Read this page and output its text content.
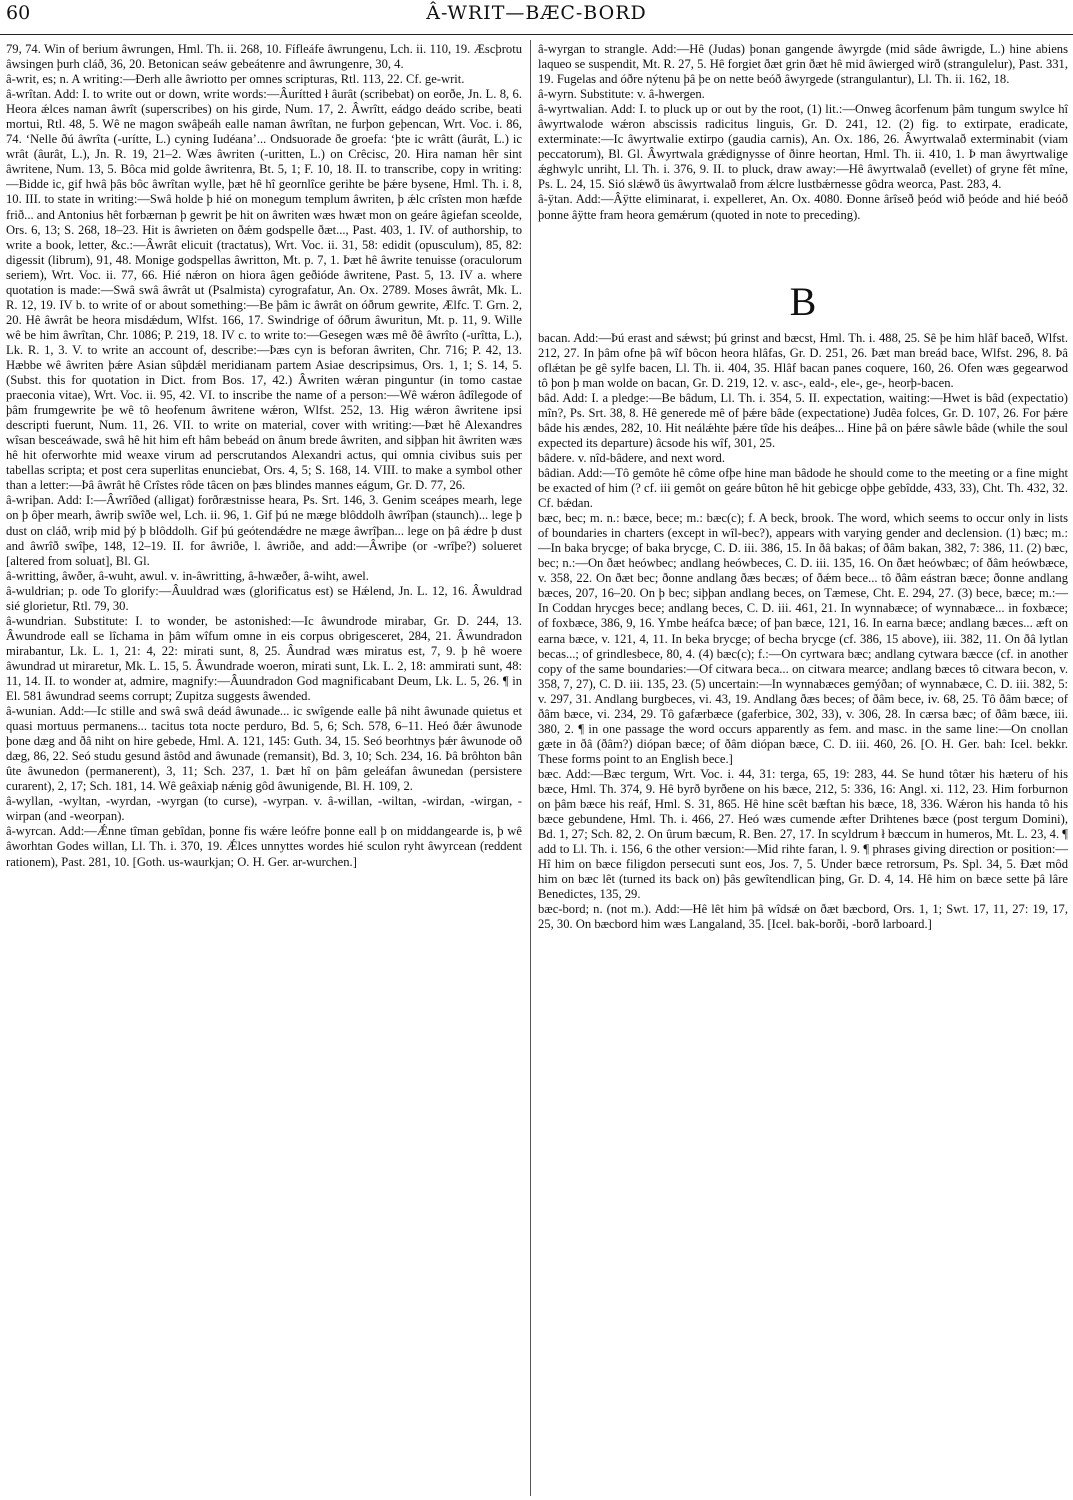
60	Â-WRIT—BÆC-BORD

79, 74. Win of berium âwrungen, Hml. Th. ii. 268, 10. Fífleáfe âwrungenu, Lch. ii. 110, 19. Æscþrotu âwsingen þurh cláð, 36, 20. Betonican seáw gebeátenre and âwrungenre, 30, 4.

â-writ, es; n. A writing:—Ðerh alle âwriotto per omnes scripturas, Rtl. 113, 22. Cf. ge-writ.

â-wrîtan. Add: I. to write out or down, write words:—Âurítted ł âurât (scribebat) on eorðe, Jn. L. 8, 6. Heora ǽlces naman âwrît (superscribes) on his girde, Num. 17, 2. Âwrîtt, eádgo deádo scribe, beati mortui, Rtl. 48, 5. Wê ne magon swâþeáh ealle naman âwrîtan, ne furþon geþencan, Wrt. Voc. i. 86, 74. ‘Nelle ðú âwrîta (-urítte, L.) cyning Iudéana’... Ondsuorade ðe groefa: ‘þte ic wrâtt (âurât, L.) ic wrât (âurât, L.), Jn. R. 19, 21–2. Wæs âwriten (-uritten, L.) on Crêcisc, 20. Hira naman hêr sint âwritene, Num. 13, 5. Bôca mid golde âwritenra, Bt. 5, 1; F. 10, 18. II. to transcribe, copy in writing:—Bidde ic, gif hwâ þâs bôc âwrîtan wylle, þæt hê hî geornlîce gerihte be þǽre bysene, Hml. Th. i. 8, 10. III. to state in writing:—Swâ holde þ hié on monegum templum âwriten, þ ǽlc crîsten mon hæfde frið... and Antonius hêt forbærnan þ gewrit þe hit on âwriten wæs hwæt mon on geáre âgiefan sceolde, Ors. 6, 13; S. 268, 18–23. Hit is âwrieten on ðǽm godspelle ðæt..., Past. 403, 1. IV. of authorship, to write a book, letter, &c.:—Âwrât elicuit (tractatus), Wrt. Voc. ii. 31, 58: edidit (opusculum), 85, 82: digessit (librum), 91, 48. Monige godspellas âwritton, Mt. p. 7, 1. Þæt hê âwrite tenuisse (oraculorum seriem), Wrt. Voc. ii. 77, 66. Hié nǽron on hiora âgen geðióde âwritene, Past. 5, 13. IV a. where quotation is made:—Swâ swâ âwrât ut (Psalmista) cyrografatur, An. Ox. 2789. Moses âwrât, Mk. L. R. 12, 19. IV b. to write of or about something:—Be þâm ic âwrât on óðrum gewrite, Ælfc. T. Grn. 2, 20. Hê âwrât be heora misdǽdum, Wlfst. 166, 17. Swindrige of óðrum âwuritun, Mt. p. 11, 9. Wille wê be him âwrîtan, Chr. 1086; P. 219, 18. IV c. to write to:—Gesegen wæs mê ðê âwrîto (-urîtta, L.), Lk. R. 1, 3. V. to write an account of, describe:—Þæs cyn is beforan âwriten, Chr. 716; P. 42, 13. Hæbbe wê âwriten þǽre Asian sûþdǽl meridianam partem Asiae descripsimus, Ors. 1, 1; S. 14, 5. (Subst. this for quotation in Dict. from Bos. 17, 42.) Âwriten wǽran pinguntur (in tomo castae praeconia vitae), Wrt. Voc. ii. 95, 42. VI. to inscribe the name of a person:—Wê wǽron âdîlegode of þâm frumgewrite þe wê tô heofenum âwritene wǽron, Wlfst. 252, 13. Hig wǽron âwritene ipsi descripti fuerunt, Num. 11, 26. VII. to write on material, cover with writing:—Þæt hê Alexandres wîsan besceáwade, swâ hê hit him eft hâm bebeád on ânum brede âwriten, and siþþan hit âwriten wæs hê hit oferworhte mid weaxe virum ad perscrutandos Alexandri actus, qui omnia civibus suis per tabellas scripta; et post cera superlitas enunciebat, Ors. 4, 5; S. 168, 14. VIII. to make a symbol other than a letter:—Þâ âwrât hê Crîstes rôde tâcen on þæs blindes mannes eágum, Gr. D. 77, 26.

â-wriþan. Add: I:—Âwrîðed (alligat) forðræstnisse heara, Ps. Srt. 146, 3. Genim sceápes mearh, lege on þ ôþer mearh, âwriþ swîðe wel, Lch. ii. 96, 1. Gif þú ne mæge blôddolh âwrîþan (staunch)... lege þ dust on cláð, wriþ mid þý þ blôddolh. Gif þú geótendǽdre ne mæge âwrîþan... lege on þâ ǽdre þ dust and âwrîð swîþe, 148, 12–19. II. for âwriðe, l. âwriðe, and add:—Âwriþe (or -wrîþe?) solueret [altered from soluat], Bl. Gl.

â-writting, âwðer, â-wuht, awul. v. in-âwritting, â-hwæðer, â-wiht, awel.

â-wuldrian; p. ode To glorify:—Âuuldrad wæs (glorificatus est) se Hǽlend, Jn. L. 12, 16. Âwuldrad sié glorietur, Rtl. 79, 30.

â-wundrian. Substitute: I. to wonder, be astonished:—Ic âwundrode mirabar, Gr. D. 244, 13. Âwundrode eall se lîchama in þâm wîfum omne in eis corpus obrigesceret, 284, 21. Âwundradon mirabantur, Lk. L. 1, 21: 4, 22: mirati sunt, 8, 25. Âundrad wæs miratus est, 7, 9. þ hê woere âwundrad ut miraretur, Mk. L. 15, 5. Âwundrade woeron, mirati sunt, Lk. L. 2, 18: ammirati sunt, 48: 11, 14. II. to wonder at, admire, magnify:—Âuundradon God magnificabant Deum, Lk. L. 5, 26. ¶ in El. 581 âwundrad seems corrupt; Zupitza suggests âwended.

â-wunian. Add:—Ic stille and swâ swâ deád âwunade... ic swîgende ealle þâ niht âwunade quietus et quasi mortuus permanens... tacitus tota nocte perduro, Bd. 5, 6; Sch. 578, 6–11. Heó ðǽr âwunode þone dæg and ðâ niht on hire gebede, Hml. A. 121, 145: Guth. 34, 15. Seó beorhtnys þǽr âwunode oð dæg, 86, 22. Seó studu gesund âstôd and âwunade (remansit), Bd. 3, 10; Sch. 234, 16. Þâ brôhton bân ûte âwunedon (permanerent), 3, 11; Sch. 237, 1. Þæt hî on þâm geleáfan âwunedan (persistere curarent), 2, 17; Sch. 181, 14. Wê geâxiaþ nǽnig gôd âwunigende, Bl. H. 109, 2.

â-wyllan, -wyltan, -wyrdan, -wyrgan (to curse), -wyrpan. v. â-willan, -wiltan, -wirdan, -wirgan, -wirpan (and -weorpan).

â-wyrcan. Add:—Ǽnne tîman gebîdan, þonne fis wǽre leófre þonne eall þ on middangearde is, þ wê âworhtan Godes willan, Ll. Th. i. 370, 19. Ǽlces unnyttes wordes hié sculon ryht âwyrcean (reddent rationem), Past. 281, 10. [Goth. us-waurkjan; O. H. Ger. ar-wurchen.]

â-wyrgan to strangle. Add:—Hê (Judas) þonan gangende âwyrgde (mid sâde âwrigde, L.) hine abiens laqueo se suspendit, Mt. R. 27, 5. Hê forgiet ðæt grin ðæt hê mid âwierged wirð (strangulelur), Past. 331, 19. Fugelas and óðre nýtenu þâ þe on nette beóð âwyrgede (strangulantur), Ll. Th. ii. 162, 18.

â-wyrn. Substitute: v. â-hwergen.

â-wyrtwalian. Add: I. to pluck up or out by the root, (1) lit.:—Onweg âcorfenum þâm tungum swylce hî âwyrtwalode wǽron abscissis radicitus linguis, Gr. D. 241, 12. (2) fig. to extirpate, eradicate, exterminate:—Ic âwyrtwalie extirpo (gaudia carnis), An. Ox. 186, 26. Âwyrtwalað exterminabit (viam peccatorum), Bl. Gl. Âwyrtwala grǽdignysse of ðinre heortan, Hml. Th. ii. 410, 1. Þ man âwyrtwalige ǽghwylc unriht, Ll. Th. i. 376, 9. II. to pluck, draw away:—Hê âwyrtwalað (evellet) of gryne fêt mîne, Ps. L. 24, 15. Sió slǽwð üs âwyrtwalað from ǽlcre lustbǽrnesse gôdra weorca, Past. 283, 4.

â-ÿtan. Add:—Âÿtte eliminarat, i. expelleret, An. Ox. 4080. Ðonne ârîseð þeód wið þeóde and hié beóð þonne âÿtte fram heora gemǽrum (quoted in note to preceding).

B

bacan. Add:—Þú erast and sǽwst; þú grinst and bæcst, Hml. Th. i. 488, 25. Sê þe him hlâf baceð, Wlfst. 212, 27. In þâm ofne þâ wîf bôcon heora hlâfas, Gr. D. 251, 26. Þæt man breád bace, Wlfst. 296, 8. Þâ oflǽtan þe gê sylfe bacen, Ll. Th. ii. 404, 35. Hlâf bacan panes coquere, 160, 26. Ofen wæs gegearwod tô þon þ man wolde on bacan, Gr. D. 219, 12. v. asc-, eald-, ele-, ge-, heorþ-bacen.

bâd. Add: I. a pledge:—Be bâdum, Ll. Th. i. 354, 5. II. expectation, waiting:—Hwet is bâd (expectatio) mîn?, Ps. Srt. 38, 8. Hê generede mê of þǽre bâde (expectatione) Judêa folces, Gr. D. 107, 26. For þǽre bâde his ændes, 282, 10. Hit neálǽhte þǽre tîde his deáþes... Hine þâ on þǽre sâwle bâde (while the soul expected its departure) âcsode his wîf, 301, 25.

bâdere. v. nîd-bâdere, and next word.

bâdian. Add:—Tô gemôte hê côme ofþe hine man bâdode he should come to the meeting or a fine might be exacted of him (? cf. iii gemôt on geáre bûton hê hit gebicge oþþe gebîdde, 433, 33), Cht. Th. 432, 32. Cf. bǽdan.

bæc, bec; m. n.: bæce, bece; m.: bæc(c); f. A beck, brook. The word, which seems to occur only in lists of boundaries in charters (except in wîl-bec?), appears with varying gender and declension. (1) bæc; m.:—In baka brycge; of baka brycge, C. D. iii. 386, 15. In ðâ bakas; of ðâm bakan, 382, 7: 386, 11. (2) bæc, bec; n.:—On ðæt heówbec; andlang heówbeces, C. D. iii. 135, 16. On ðæt heówbæc; of ðâm heówbæce, v. 358, 22. On ðæt bec; ðonne andlang ðæs becæs; of ðǽm bece... tô ðâm eástran bæce; ðonne andlang bæces, 207, 16–20. On þ bec; siþþan andlang beces, on Tæmese, Cht. E. 294, 27. (3) bece, bæce; m.:—In Coddan hrycges bece; andlang beces, C. D. iii. 461, 21. In wynnabæce; of wynnabæce... in foxbæce; of foxbæce, 386, 9, 16. Ymbe heáfca bæce; of þan bæce, 121, 16. In earna bæce; andlang bæces... æft on earna bæce, v. 121, 4, 11. In beka brycge; of becha brycge (cf. 386, 15 above), iii. 382, 11. On ðâ lytlan becas...; of grindlesbece, 80, 4. (4) bæc(c); f.:—On cyrtwara bæc; andlang cytwara bæcce (cf. in another copy of the same boundaries:—Of citwara beca... on citwara mearce; andlang bæces tô citwara becon, v. 358, 7, 27), C. D. iii. 135, 23. (5) uncertain:—In wynnabæces gemýðan; of wynnabæce, C. D. iii. 382, 5: v. 297, 31. Andlang burgbeces, vi. 43, 19. Andlang ðæs beces; of ðâm bece, iv. 68, 25. Tô ðâm bæce; of ðâm bæce, vi. 234, 29. Tô gafærbæce (gaferbice, 302, 33), v. 306, 28. In cærsa bæc; of ðâm bæce, iii. 380, 2. ¶ in one passage the word occurs apparently as fem. and masc. in the same line:—On cnollan gæte in ðâ (ðâm?) diópan bæce; of ðâm diópan bæce, C. D. iii. 460, 26. [O. H. Ger. bah: Icel. bekkr. These forms point to an English bece.]

bæc. Add:—Bæc tergum, Wrt. Voc. i. 44, 31: terga, 65, 19: 283, 44. Se hund tôtær his hæteru of his bæce, Hml. Th. 374, 9. Hê byrð byrðene on his bæce, 212, 5: 336, 16: Angl. xi. 112, 23. Him forburnon on þâm bæce his reáf, Hml. S. 31, 865. Hê hine scêt bæftan his bæce, 18, 336. Wǽron his handa tô his bæce gebundene, Hml. Th. i. 466, 27. Heó wæs cumende æfter Drihtenes bæce (post tergum Domini), Bd. 1, 27; Sch. 82, 2. On ûrum bæcum, R. Ben. 27, 17. In scyldrum ł bæccum in humeros, Mt. L. 23, 4. ¶ add to Ll. Th. i. 156, 6 the other version:—Mid rihte faran, l. 9. ¶ phrases giving direction or position:—Hî him on bæce filigdon persecuti sunt eos, Jos. 7, 5. Under bæce retrorsum, Ps. Spl. 34, 5. Ðæt môd him on bæc lêt (turned its back on) þâs gewîtendlican þing, Gr. D. 4, 14. Hê him on bæce sette þâ lâre Benedictes, 135, 29.

bæc-bord; n. (not m.). Add:—Hê lêt him þâ wîdsǽ on ðæt bæcbord, Ors. 1, 1; Swt. 17, 11, 27: 19, 17, 25, 30. On bæcbord him wæs Langaland, 35. [Icel. bak-borði, -borð larboard.]
